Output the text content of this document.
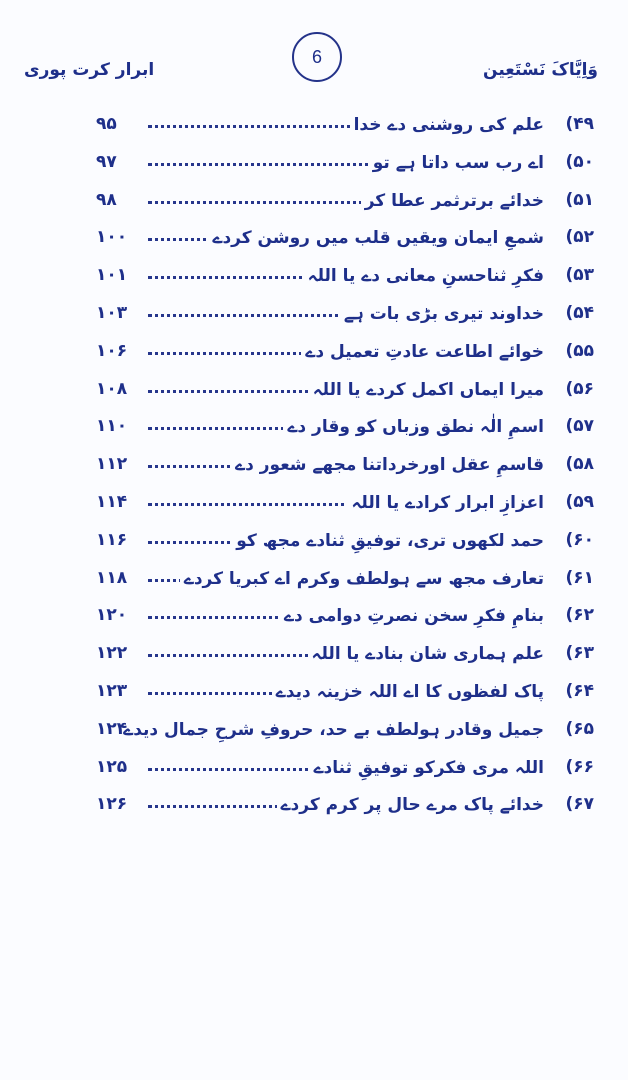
ابرار کرت پوری
6
وَاِیَّاکَ نَسْتَعِین
۴۹)
علم کی روشنی دے خدا
۹۵
۵۰)
اے رب سب داتا ہے تو
۹۷
۵۱)
خدائے برترثمر عطا کر
۹۸
۵۲)
شمعِ ایمان ویقیں قلب میں روشن کردے
۱۰۰
۵۳)
فکرِ ثناحسنِ معانی دے یا اللہ
۱۰۱
۵۴)
خداوند تیری بڑی بات ہے
۱۰۳
۵۵)
خوائے اطاعت عادتِ تعمیل دے
۱۰۶
۵۶)
میرا ایماں اکمل کردے یا اللہ
۱۰۸
۵۷)
اسمِ الٰہ نطق وزباں کو وقار دے
۱۱۰
۵۸)
قاسمِ عقل اورخرداتنا مجھے شعور دے
۱۱۲
۵۹)
اعزازِ ابرار کرادے یا اللہ
۱۱۴
۶۰)
حمد لکھوں تری، توفیقِ ثنادے مجھ کو
۱۱۶
۶۱)
تعارف مجھ سے ہولطف وکرم اے کبریا کردے
۱۱۸
۶۲)
بنامِ فکرِ سخن نصرتِ دوامی دے
۱۲۰
۶۳)
علم ہماری شان بنادے یا اللہ
۱۲۲
۶۴)
پاک لفظوں کا اے اللہ خزینہ دیدے
۱۲۳
۶۵)
جمیل وقادر ہولطف بے حد، حروفِ شرحِ جمال دیدے
۱۲۴
۶۶)
اللہ مری فکرکو توفیقِ ثنادے
۱۲۵
۶۷)
خدائے پاک مرے حال پر کرم کردے
۱۲۶
